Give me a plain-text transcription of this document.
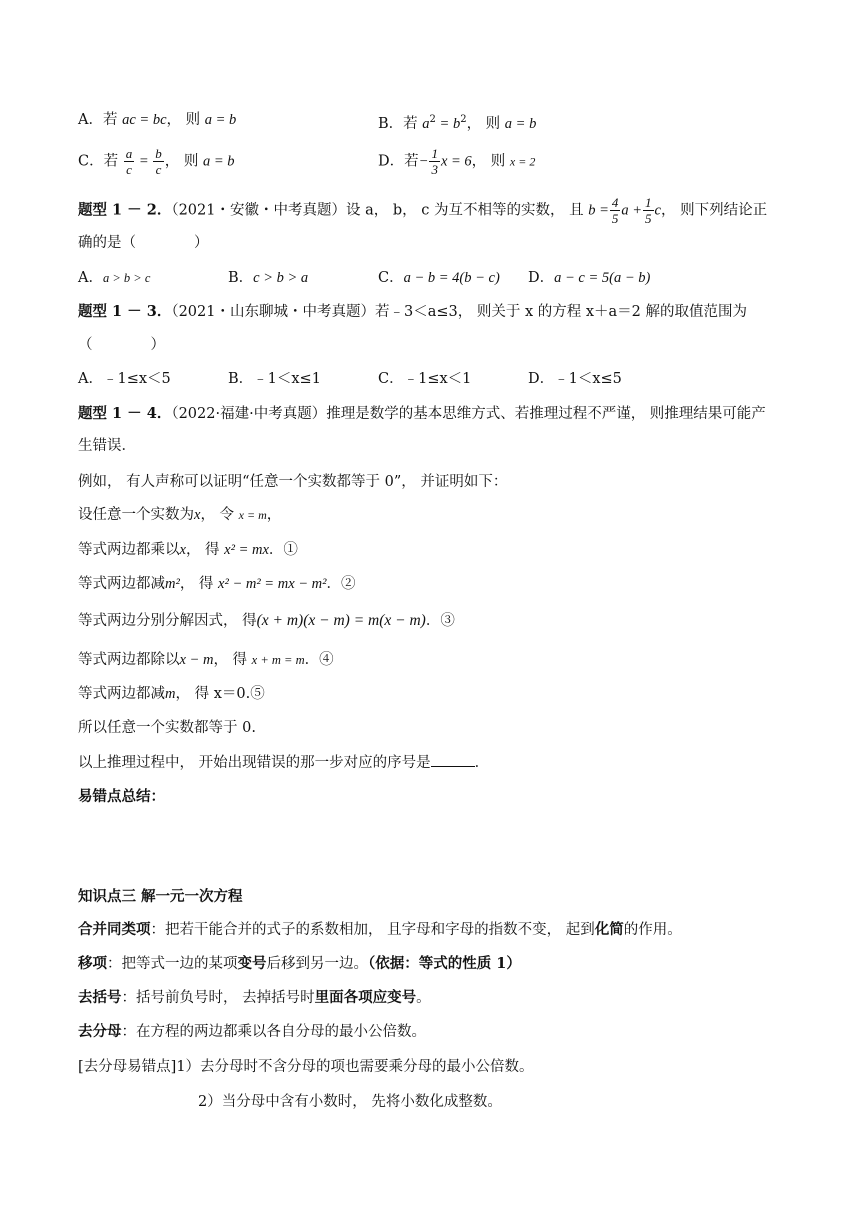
A．若 ac = bc， 则 a = b	B．若 $a^2 = b^2$， 则 a = b
C．若 $\frac{a}{c} = \frac{b}{c}$ ， 则 a = b	D．若− $\frac{1}{3}$ x = 6， 则 x = 2
题型 1 － 2．（2021・安徽・中考真题）设 a， b， c 为互不相等的实数， 且 $b = \frac{4}{5}$ $a + \frac{1}{5}$ c， 则下列结论正
确的是（　　　　）
A．a > b > c	B．c > b > a	C．a − b = 4(b − c) D．a − c = 5(a − b)
题型 1 － 3．（2021・山东聊城・中考真题）若﹣3＜a≤3， 则关于 x 的方程 x＋a＝2 解的取值范围为
（　　　　）
A．﹣1≤x＜5	B．﹣1＜x≤1	C．﹣1≤x＜1	D．﹣1＜x≤5
题型 1 － 4．（2022·福建·中考真题）推理是数学的基本思维方式、若推理过程不严谨， 则推理结果可能产
生错误．
例如， 有人声称可以证明“任意一个实数都等于 0”， 并证明如下：
设任意一个实数为x， 令 x = m，
等式两边都乘以x， 得 x² = mx．①
等式两边都减m²， 得 x² − m² = mx − m²．②
等式两边分别分解因式， 得(x + m)(x − m) = m(x − m)．③
等式两边都除以x − m， 得 x + m = m．④
等式两边都减m， 得 x＝0.⑤
所以任意一个实数都等于 0.
以上推理过程中， 开始出现错误的那一步对应的序号是	．
易错点总结：
知识点三 解一元一次方程
合并同类项：把若干能合并的式子的系数相加， 且字母和字母的指数不变， 起到化简的作用。
移项：把等式一边的某项变号后移到另一边。（依据：等式的性质 1）
去括号：括号前负号时， 去掉括号时里面各项应变号。
去分母：在方程的两边都乘以各自分母的最小公倍数。
[去分母易错点]1）去分母时不含分母的项也需要乘分母的最小公倍数。
2）当分母中含有小数时， 先将小数化成整数。
